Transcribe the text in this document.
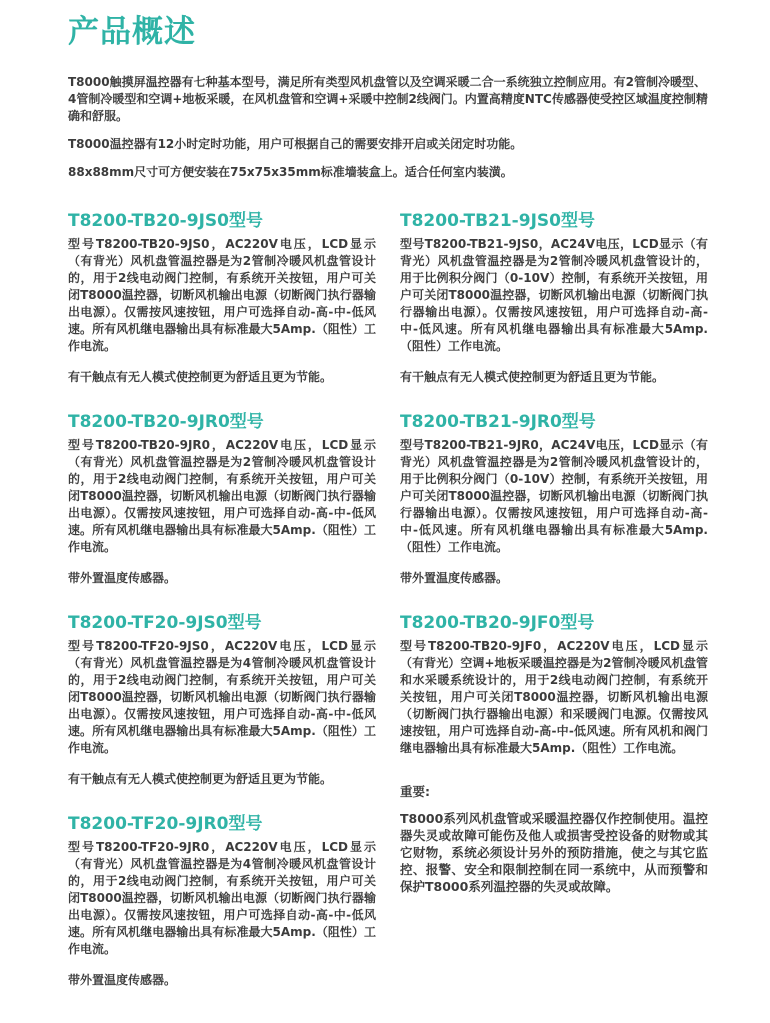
产品概述

T8000触摸屏温控器有七种基本型号，满足所有类型风机盘管以及空调采暖二合一系统独立控制应用。有2管制冷暖型、4管制冷暖型和空调+地板采暖，在风机盘管和空调+采暖中控制2线阀门。内置高精度NTC传感器使受控区域温度控制精确和舒服。

T8000温控器有12小时定时功能，用户可根据自己的需要安排开启或关闭定时功能。

88x88mm尺寸可方便安装在75x75x35mm标准墙装盒上。适合任何室内装潢。

T8200-TB20-9JS0型号

型号T8200-TB20-9JS0，AC220V电压，LCD显示（有背光）风机盘管温控器是为2管制冷暖风机盘管设计的，用于2线电动阀门控制，有系统开关按钮，用户可关闭T8000温控器，切断风机输出电源（切断阀门执行器输出电源）。仅需按风速按钮，用户可选择自动-高-中-低风速。所有风机继电器输出具有标准最大5Amp.（阻性）工作电流。

有干触点有无人模式使控制更为舒适且更为节能。

T8200-TB20-9JR0型号

型号T8200-TB20-9JR0，AC220V电压，LCD显示（有背光）风机盘管温控器是为2管制冷暖风机盘管设计的，用于2线电动阀门控制，有系统开关按钮，用户可关闭T8000温控器，切断风机输出电源（切断阀门执行器输出电源）。仅需按风速按钮，用户可选择自动-高-中-低风速。所有风机继电器输出具有标准最大5Amp.（阻性）工作电流。

带外置温度传感器。

T8200-TF20-9JS0型号

型号T8200-TF20-9JS0，AC220V电压，LCD显示（有背光）风机盘管温控器是为4管制冷暖风机盘管设计的，用于2线电动阀门控制，有系统开关按钮，用户可关闭T8000温控器，切断风机输出电源（切断阀门执行器输出电源）。仅需按风速按钮，用户可选择自动-高-中-低风速。所有风机继电器输出具有标准最大5Amp.（阻性）工作电流。

有干触点有无人模式使控制更为舒适且更为节能。

T8200-TF20-9JR0型号

型号T8200-TF20-9JR0，AC220V电压，LCD显示（有背光）风机盘管温控器是为4管制冷暖风机盘管设计的，用于2线电动阀门控制，有系统开关按钮，用户可关闭T8000温控器，切断风机输出电源（切断阀门执行器输出电源）。仅需按风速按钮，用户可选择自动-高-中-低风速。所有风机继电器输出具有标准最大5Amp.（阻性）工作电流。

带外置温度传感器。

T8200-TB21-9JS0型号

型号T8200-TB21-9JS0，AC24V电压，LCD显示（有背光）风机盘管温控器是为2管制冷暖风机盘管设计的，用于比例积分阀门（0-10V）控制，有系统开关按钮，用户可关闭T8000温控器，切断风机输出电源（切断阀门执行器输出电源）。仅需按风速按钮，用户可选择自动-高-中-低风速。所有风机继电器输出具有标准最大5Amp.（阻性）工作电流。

有干触点有无人模式使控制更为舒适且更为节能。

T8200-TB21-9JR0型号

型号T8200-TB21-9JR0，AC24V电压，LCD显示（有背光）风机盘管温控器是为2管制冷暖风机盘管设计的，用于比例积分阀门（0-10V）控制，有系统开关按钮，用户可关闭T8000温控器，切断风机输出电源（切断阀门执行器输出电源）。仅需按风速按钮，用户可选择自动-高-中-低风速。所有风机继电器输出具有标准最大5Amp.（阻性）工作电流。

带外置温度传感器。

T8200-TB20-9JF0型号

型号T8200-TB20-9JF0，AC220V电压，LCD显示（有背光）空调+地板采暖温控器是为2管制冷暖风机盘管和水采暖系统设计的，用于2线电动阀门控制，有系统开关按钮，用户可关闭T8000温控器，切断风机输出电源（切断阀门执行器输出电源）和采暖阀门电源。仅需按风速按钮，用户可选择自动-高-中-低风速。所有风机和阀门继电器输出具有标准最大5Amp.（阻性）工作电流。

重要:

T8000系列风机盘管或采暖温控器仅作控制使用。温控器失灵或故障可能伤及他人或损害受控设备的财物或其它财物，系统必须设计另外的预防措施，使之与其它监控、报警、安全和限制控制在同一系统中，从而预警和保护T8000系列温控器的失灵或故障。
